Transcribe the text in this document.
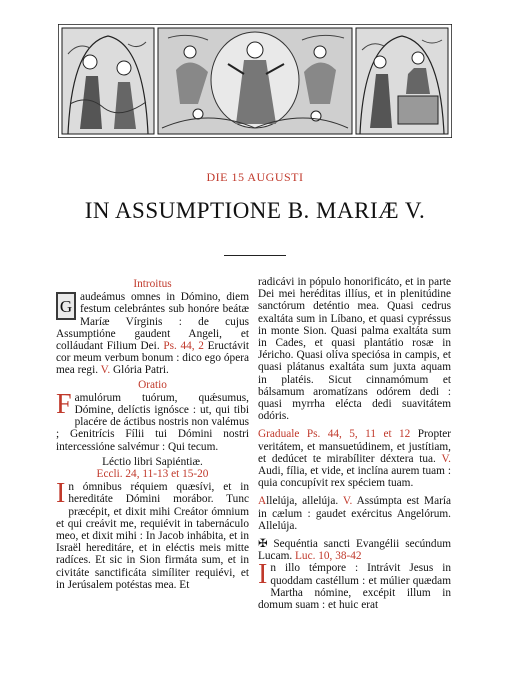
DIE 15 AUGUSTI
IN ASSUMPTIONE B. MARIÆ V.

Introitus

G audeámus omnes in Dómino, diem festum celebrántes sub honóre beátæ Maríæ Vírginis : de cujus Assumptióne gaudent Angeli, et colláudant Filium Dei. Ps. 44, 2 Eructávit cor meum verbum bonum : dico ego ópera mea regi. V. Glória Patri.

Oratio

F amulórum tuórum, quǽsumus, Dómine, delíctis ignósce : ut, qui tibi placére de áctibus nostris non valémus ; Genitrícis Fílii tui Dómini nostri intercessióne salvémur : Qui tecum.

Léctio libri Sapiéntiæ.

Eccli. 24, 11-13 et 15-20

I n ómnibus réquiem quæsívi, et in hereditáte Dómini morábor. Tunc præcépit, et dixit mihi Creátor ómnium et qui creávit me, requiévit in tabernáculo meo, et dixit mihi : In Jacob inhábita, et in Israël hereditáre, et in eléctis meis mitte radíces. Et sic in Sion firmáta sum, et in civitáte sanctificáta simíliter requiévi, et in Jerúsalem potéstas mea. Et

radicávi in pópulo honorificáto, et in parte Dei mei heréditas illíus, et in plenitúdine sanctórum deténtio mea. Quasi cedrus exaltáta sum in Líbano, et quasi cypréssus in monte Sion. Quasi palma exaltáta sum in Cades, et quasi plantátio rosæ in Jéricho. Quasi olíva speciósa in campis, et quasi plátanus exaltáta sum juxta aquam in platéis. Sicut cinnamómum et bálsamum aromatízans odórem dedi : quasi myrrha elécta dedi suavitátem odóris.

Graduale Ps. 44, 5, 11 et 12 Propter veritátem, et mansuetúdinem, et justítiam, et dedúcet te mirabíliter déxtera tua. V. Audi, fília, et vide, et inclína aurem tuam : quia concupívit rex spéciem tuam.

Allelúja, allelúja. V. Assúmpta est María in cælum : gaudet exércitus Angelórum. Allelúja.

✠ Sequéntia sancti Evangélii secúndum Lucam. Luc. 10, 38-42

I n illo témpore : Intrávit Jesus in quoddam castéllum : et múlier quædam Martha nómine, excépit illum in domum suam : et huic erat
